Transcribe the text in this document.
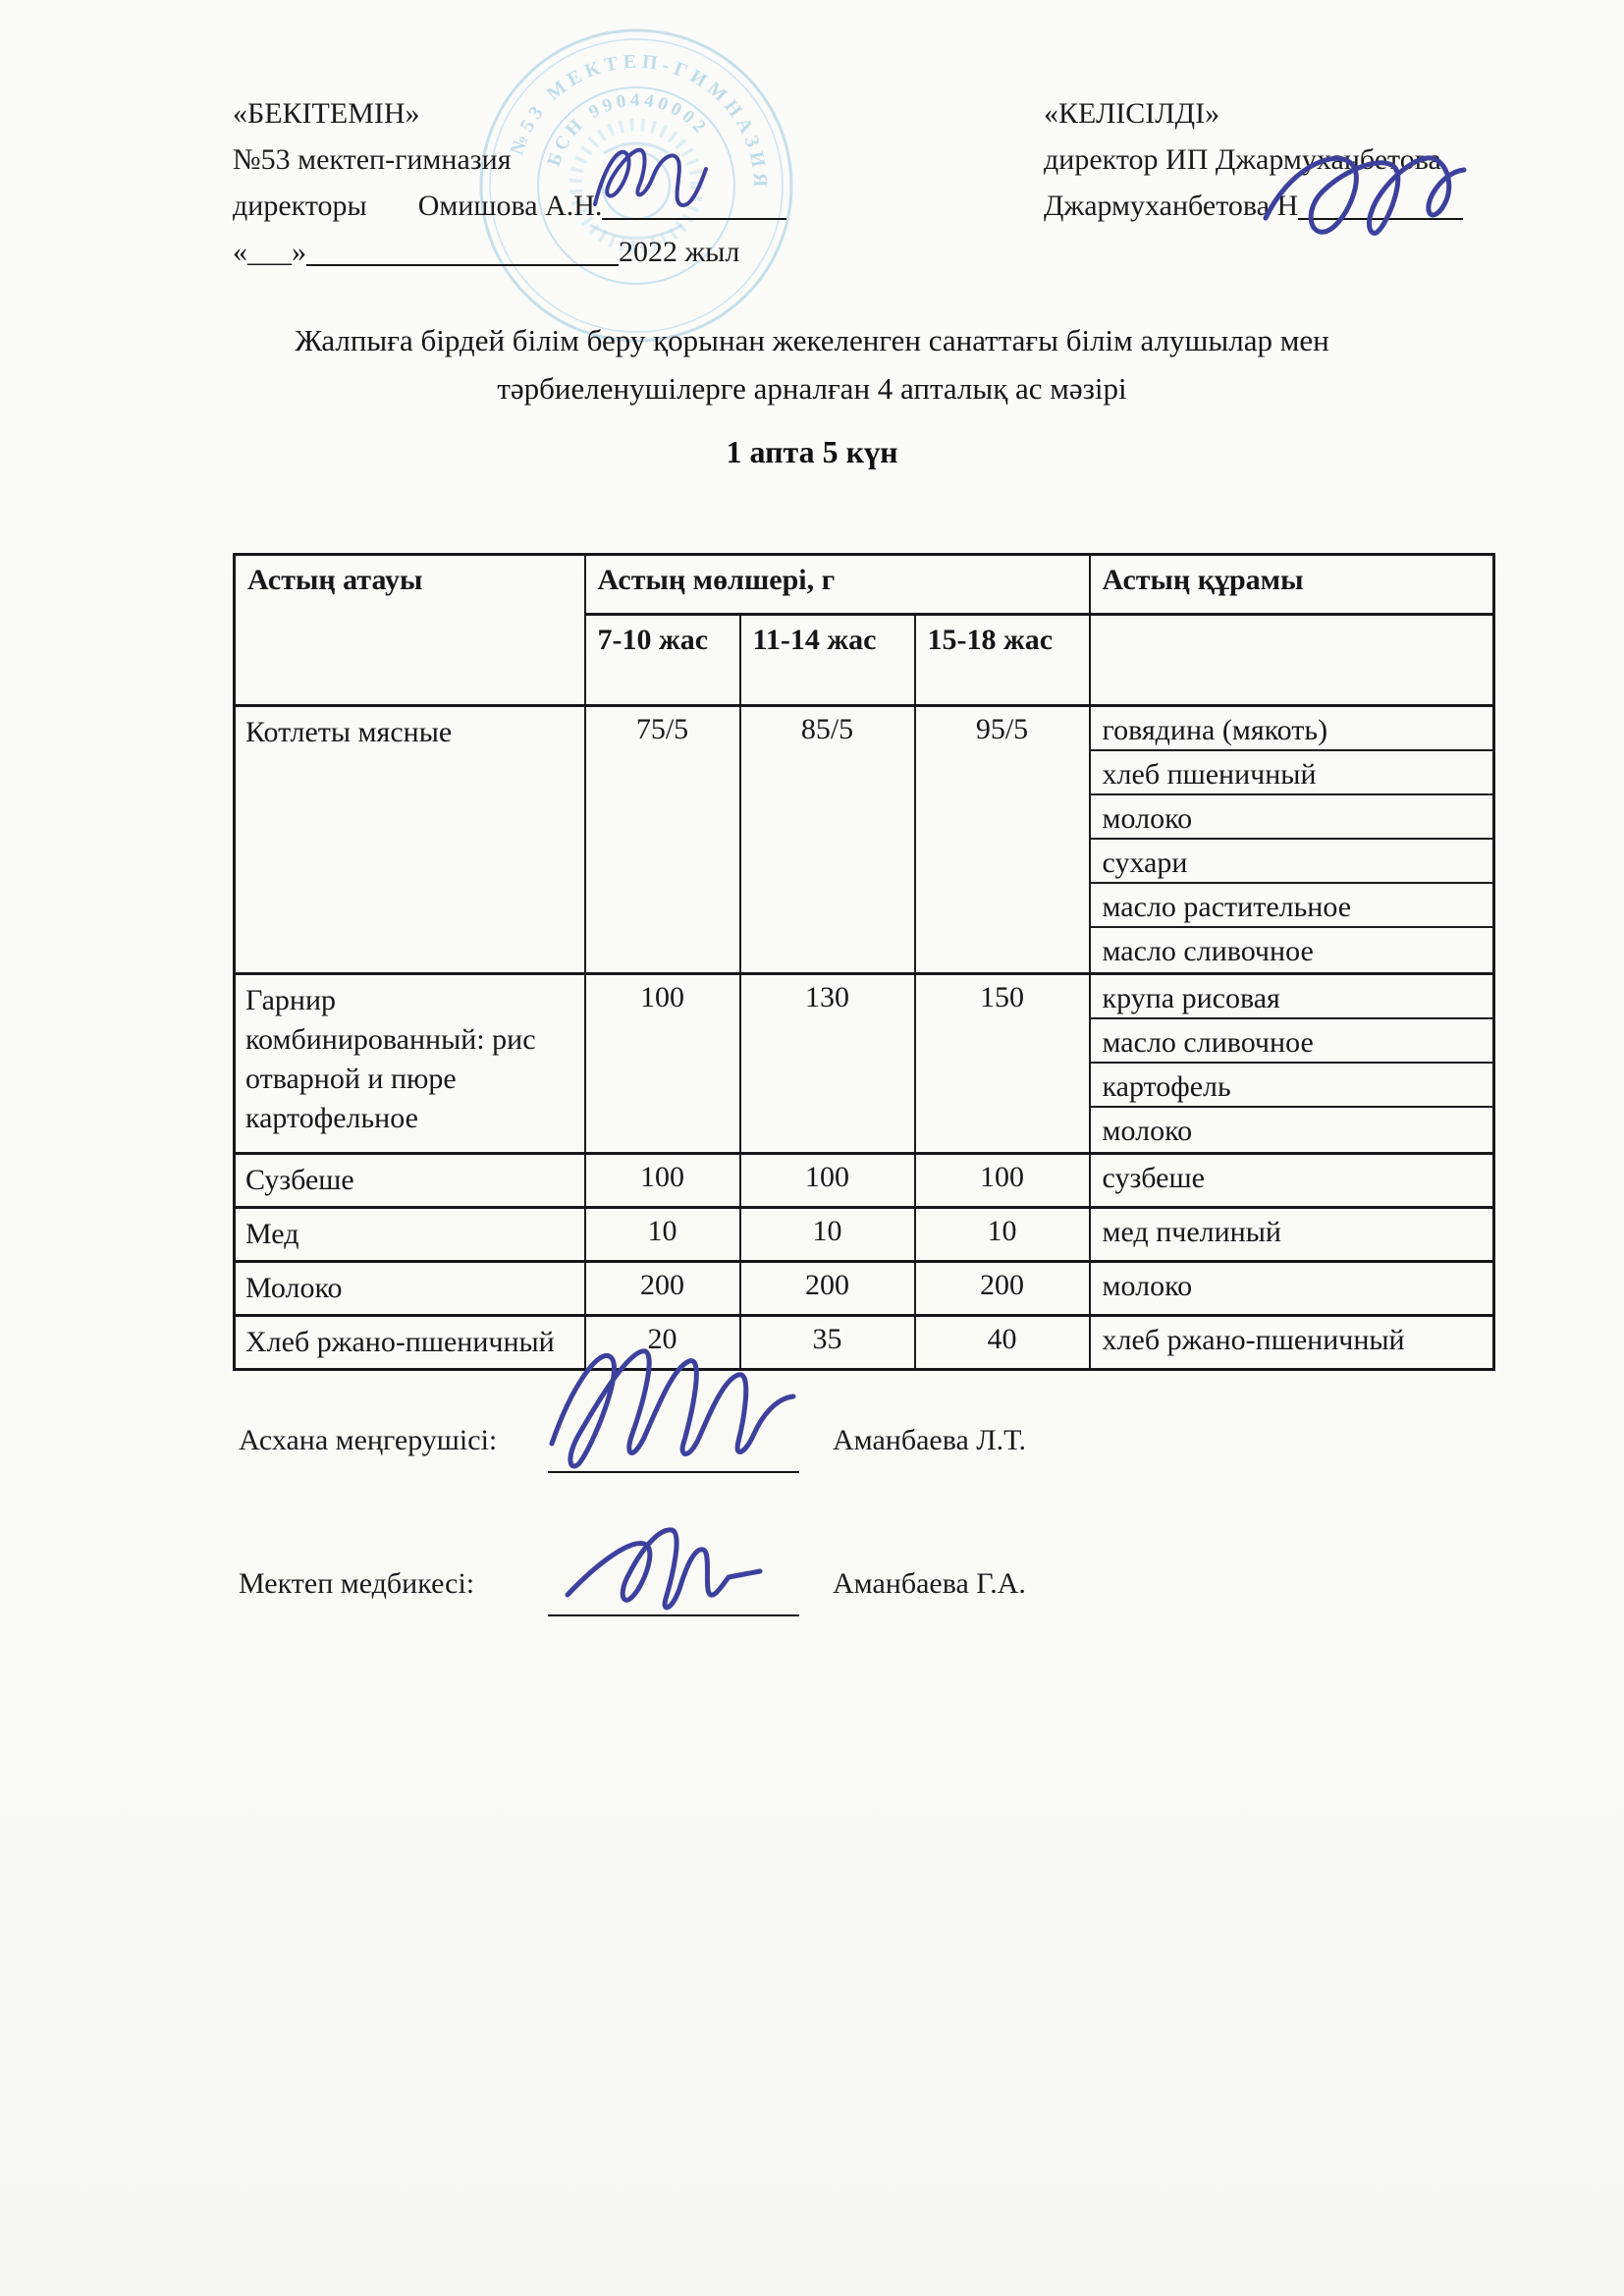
№53 МЕКТЕП-ГИМНАЗИЯ
БСН 990440002
«БЕКІТЕМІН»
№53 мектеп-гимназия
директоры Омишова А.Н.
«___»	2022 жыл
«КЕЛІСІЛДІ»
директор ИП Джармуханбетова
Джармуханбетова Н
Жалпыға бірдей білім беру қорынан жекеленген санаттағы білім алушылар мен
тәрбиеленушілерге арналған 4 апталық ас мәзірі
1 апта 5 күн
Астың атауы	Астың мөлшері, г			Астың құрамы
	7-10 жас	11-14 жас	15-18 жас	
Котлеты мясные	75/5	85/5	95/5	говядина (мякоть)
хлеб пшеничный
молоко
сухари
масло растительное
масло сливочное

Гарнир комбинированный: рис отварной и пюре картофельное	100	130	150	крупа рисовая
масло сливочное
картофель
молоко

Сузбеше	100	100	100	сузбеше

Мед	10	10	10	мед пчелиный

Молоко	200	200	200	молоко

Хлеб ржано-пшеничный	20	35	40	хлеб ржано-пшеничный
Асхана меңгерушісі:	Аманбаева Л.Т.
Мектеп медбикесі:	Аманбаева Г.А.
